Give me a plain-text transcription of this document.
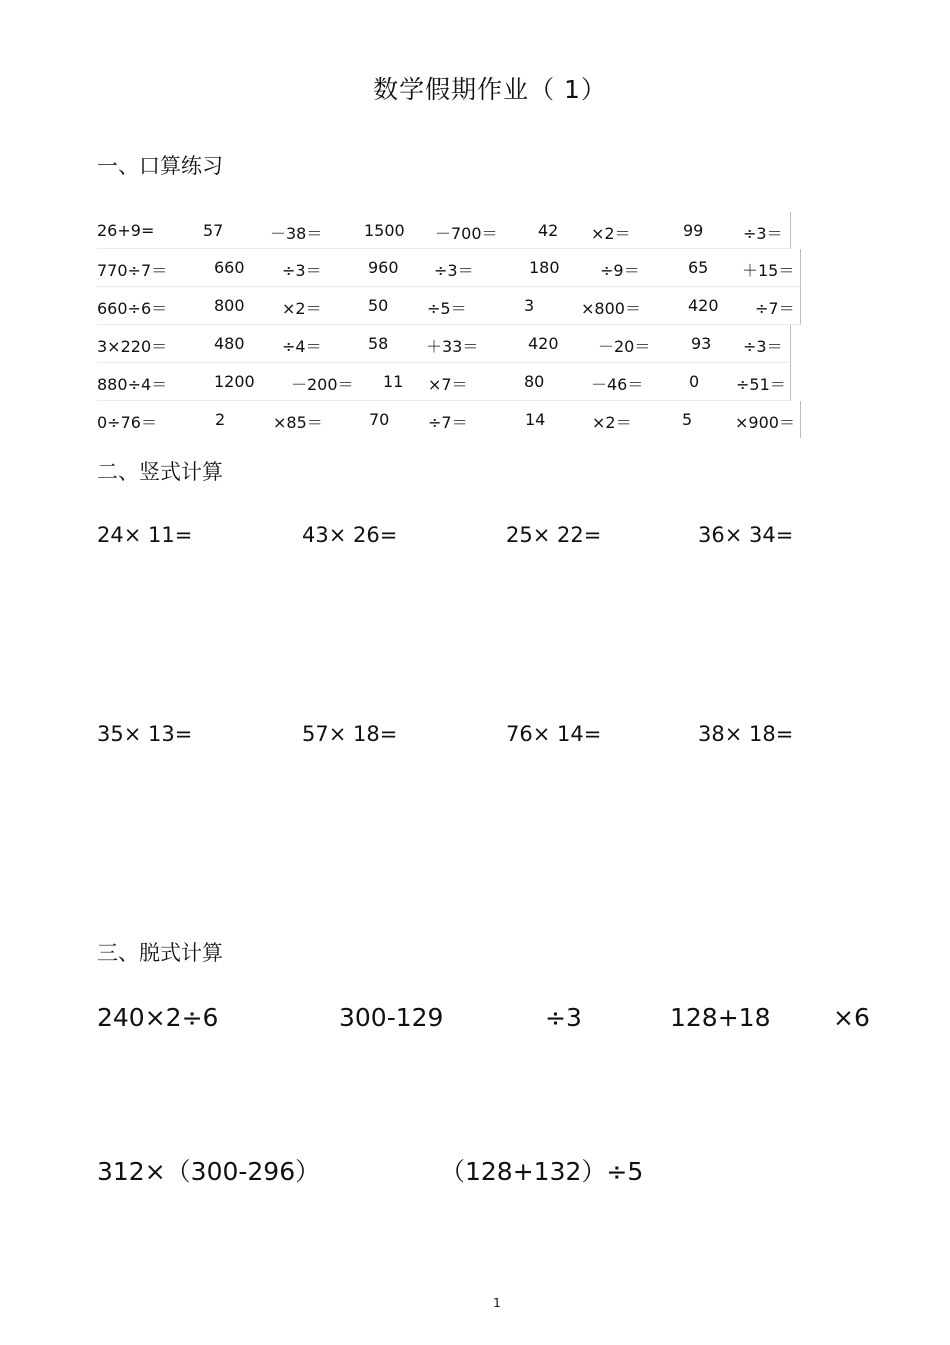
数学假期作业（ 1）
一、口算练习
26+9=	57	－38＝	1500 －700＝	42 ×2＝	99 ÷3＝
770÷7＝	660 ÷3＝	960 ÷3＝	180	÷9＝	65 ＋15＝
660÷6＝	800 ×2＝	50 ÷5＝	3	×800＝	420 ÷7＝
3×220＝	480 ÷4＝	58 ＋33＝	420 －20＝	93 ÷3＝
880÷4＝	1200 －200＝ 11 ×7＝	80	－46＝	0 ÷51＝
0÷76＝	2	×85＝	70 ÷7＝	14	×2＝	5	×900＝
二、竖式计算
24× 11=	43× 26=	25× 22=	36× 34=
35× 13=	57× 18=	76× 14=	38× 18=
三、脱式计算
240×2÷6	300-129	÷3	128+18	×6
312×（300-296）	（128+132）÷5
1
